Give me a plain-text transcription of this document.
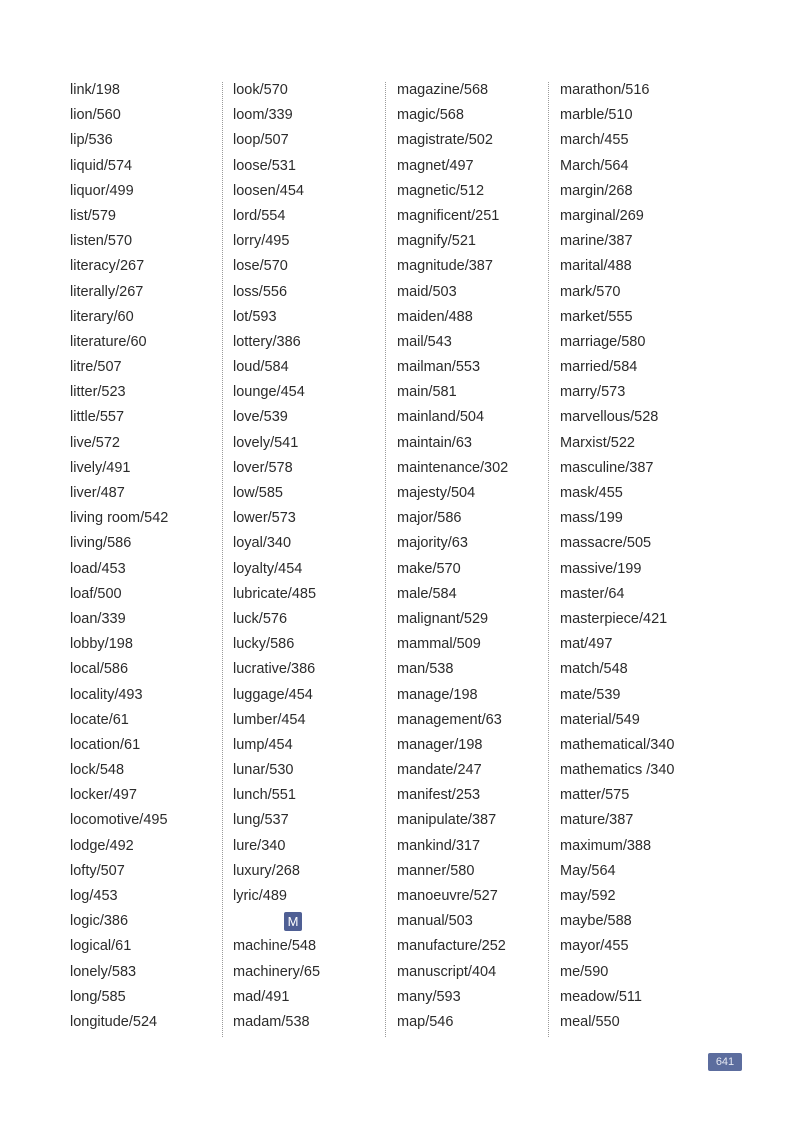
link/198
lion/560
lip/536
liquid/574
liquor/499
list/579
listen/570
literacy/267
literally/267
literary/60
literature/60
litre/507
litter/523
little/557
live/572
lively/491
liver/487
living room/542
living/586
load/453
loaf/500
loan/339
lobby/198
local/586
locality/493
locate/61
location/61
lock/548
locker/497
locomotive/495
lodge/492
lofty/507
log/453
logic/386
logical/61
lonely/583
long/585
longitude/524
look/570
loom/339
loop/507
loose/531
loosen/454
lord/554
lorry/495
lose/570
loss/556
lot/593
lottery/386
loud/584
lounge/454
love/539
lovely/541
lover/578
low/585
lower/573
loyal/340
loyalty/454
lubricate/485
luck/576
lucky/586
lucrative/386
luggage/454
lumber/454
lump/454
lunar/530
lunch/551
lung/537
lure/340
luxury/268
lyric/489
M
machine/548
machinery/65
mad/491
madam/538
magazine/568
magic/568
magistrate/502
magnet/497
magnetic/512
magnificent/251
magnify/521
magnitude/387
maid/503
maiden/488
mail/543
mailman/553
main/581
mainland/504
maintain/63
maintenance/302
majesty/504
major/586
majority/63
make/570
male/584
malignant/529
mammal/509
man/538
manage/198
management/63
manager/198
mandate/247
manifest/253
manipulate/387
mankind/317
manner/580
manoeuvre/527
manual/503
manufacture/252
manuscript/404
many/593
map/546
marathon/516
marble/510
march/455
March/564
margin/268
marginal/269
marine/387
marital/488
mark/570
market/555
marriage/580
married/584
marry/573
marvellous/528
Marxist/522
masculine/387
mask/455
mass/199
massacre/505
massive/199
master/64
masterpiece/421
mat/497
match/548
mate/539
material/549
mathematical/340
mathematics /340
matter/575
mature/387
maximum/388
May/564
may/592
maybe/588
mayor/455
me/590
meadow/511
meal/550
641
